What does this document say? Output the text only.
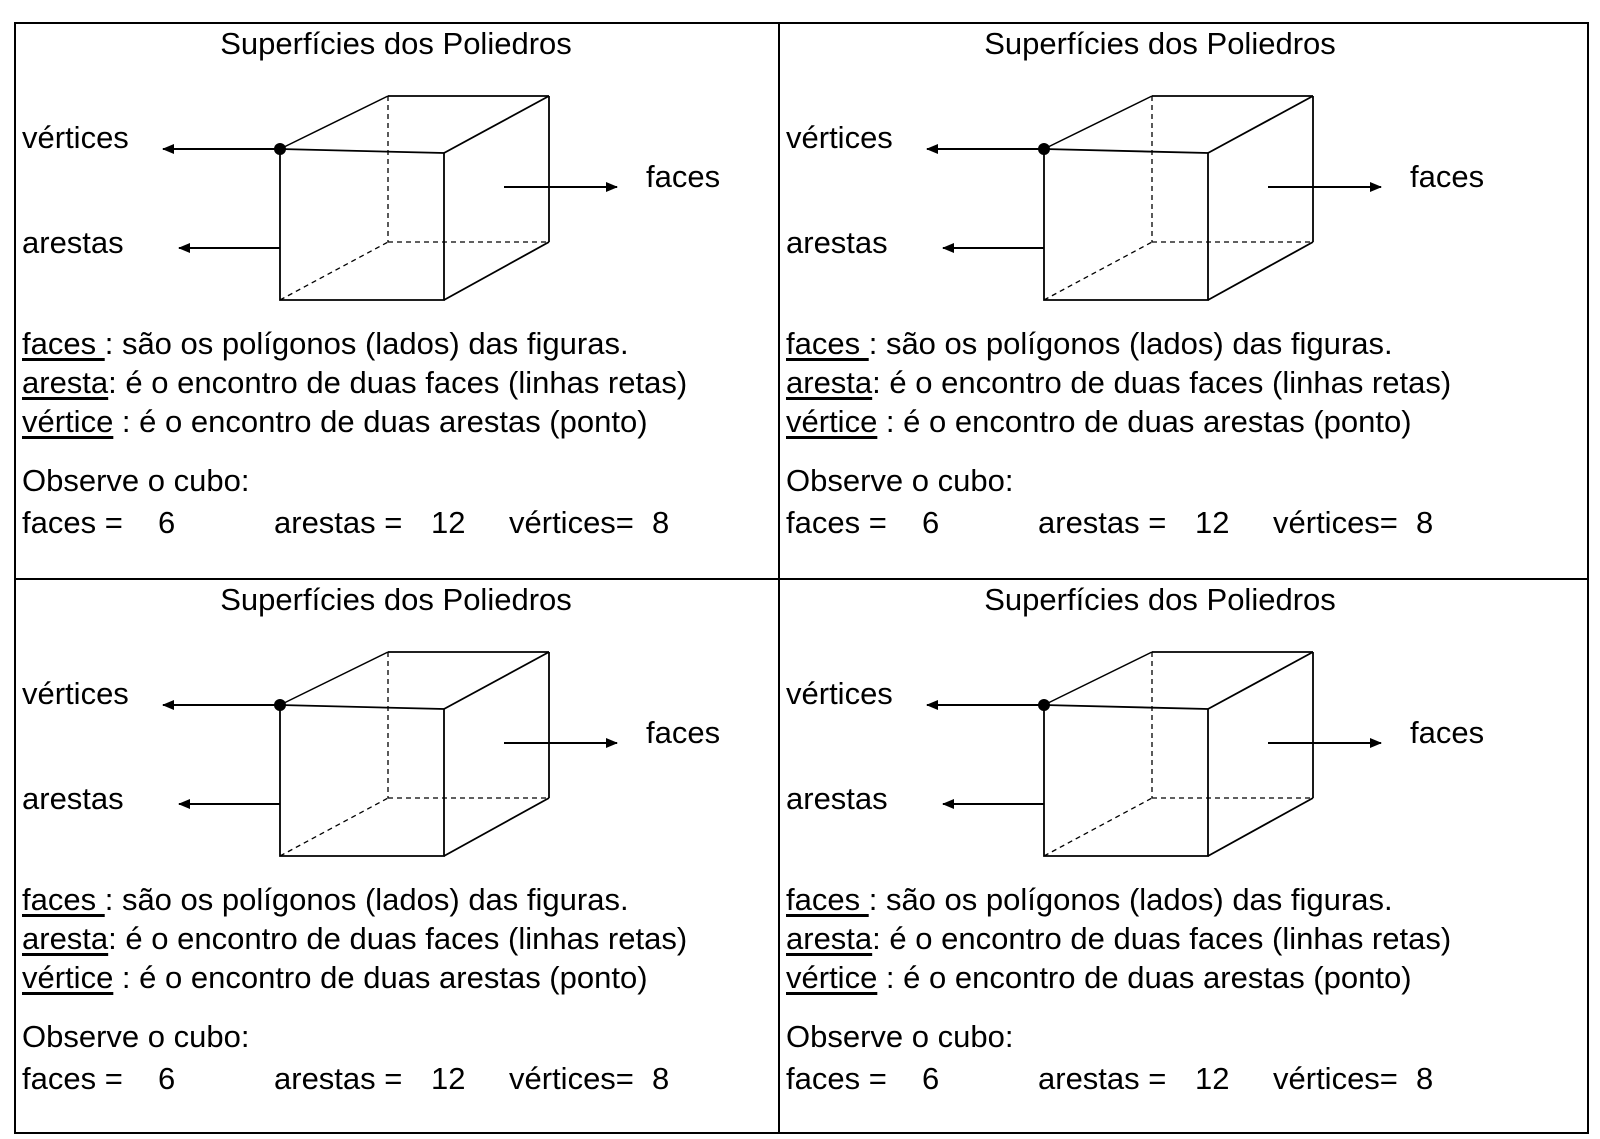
Superfícies dos Poliedros
vértices
arestas
faces
faces : são os polígonos (lados) das figuras.
aresta: é o encontro de duas faces (linhas retas)
vértice : é o encontro de duas arestas (ponto)
Observe o cubo:
faces = 6	arestas = 12 vértices= 8
Superfícies dos Poliedros
vértices
arestas
faces
faces : são os polígonos (lados) das figuras.
aresta: é o encontro de duas faces (linhas retas)
vértice : é o encontro de duas arestas (ponto)
Observe o cubo:
faces = 6	arestas = 12 vértices= 8
Superfícies dos Poliedros
vértices
arestas
faces
faces : são os polígonos (lados) das figuras.
aresta: é o encontro de duas faces (linhas retas)
vértice : é o encontro de duas arestas (ponto)
Observe o cubo:
faces = 6	arestas = 12 vértices= 8
Superfícies dos Poliedros
vértices
arestas
faces
faces : são os polígonos (lados) das figuras.
aresta: é o encontro de duas faces (linhas retas)
vértice : é o encontro de duas arestas (ponto)
Observe o cubo:
faces = 6	arestas = 12 vértices= 8
